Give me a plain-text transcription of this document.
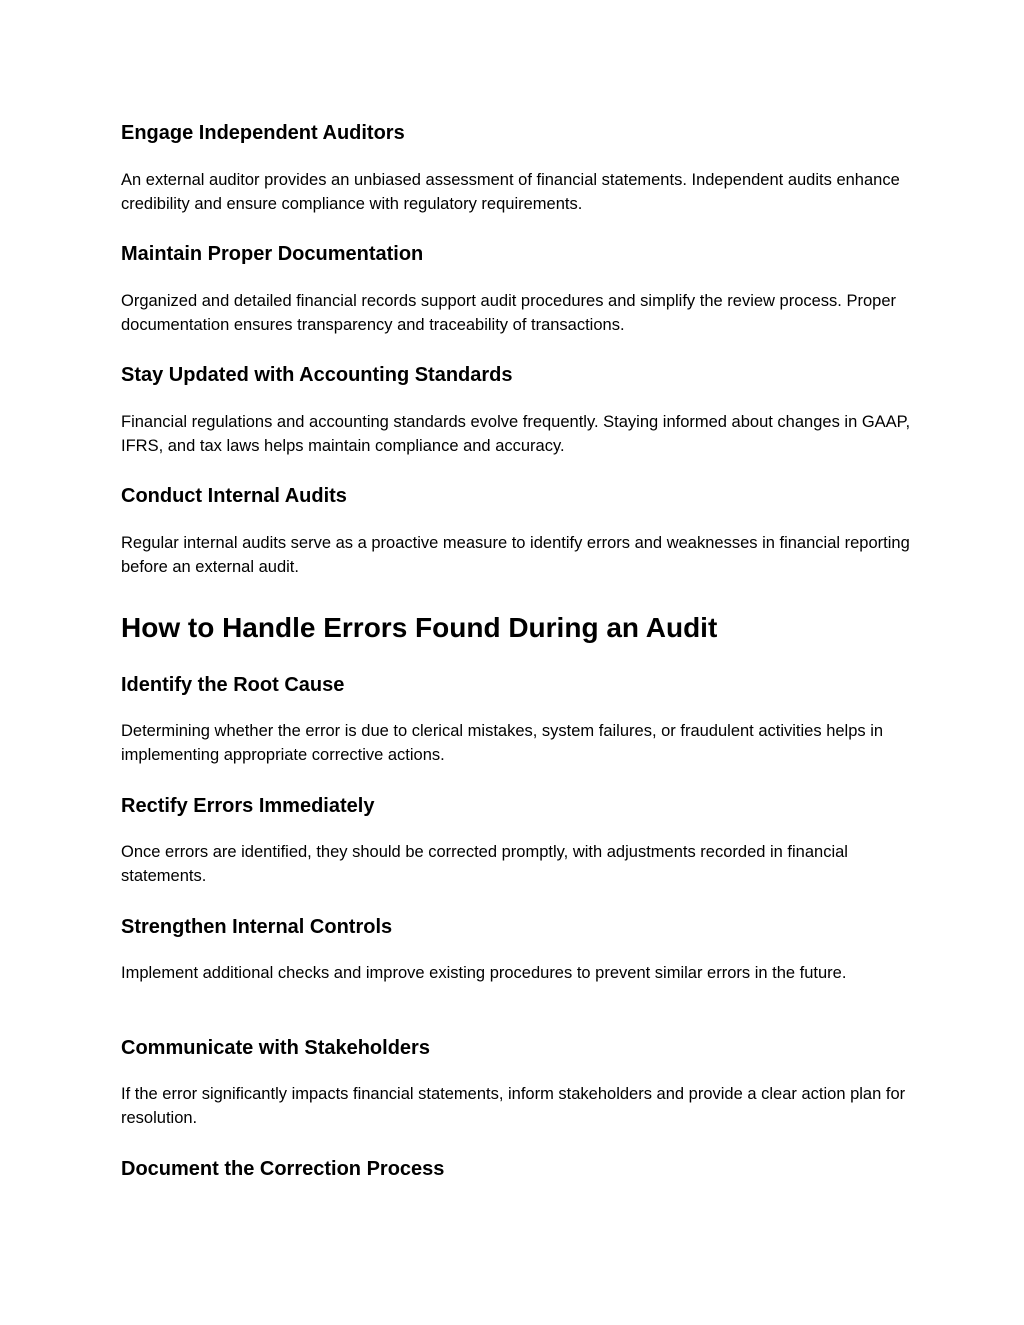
Engage Independent Auditors

An external auditor provides an unbiased assessment of financial statements. Independent audits enhance credibility and ensure compliance with regulatory requirements.

Maintain Proper Documentation

Organized and detailed financial records support audit procedures and simplify the review process. Proper documentation ensures transparency and traceability of transactions.

Stay Updated with Accounting Standards

Financial regulations and accounting standards evolve frequently. Staying informed about changes in GAAP, IFRS, and tax laws helps maintain compliance and accuracy.

Conduct Internal Audits

Regular internal audits serve as a proactive measure to identify errors and weaknesses in financial reporting before an external audit.

How to Handle Errors Found During an Audit
Identify the Root Cause

Determining whether the error is due to clerical mistakes, system failures, or fraudulent activities helps in implementing appropriate corrective actions.

Rectify Errors Immediately

Once errors are identified, they should be corrected promptly, with adjustments recorded in financial statements.

Strengthen Internal Controls

Implement additional checks and improve existing procedures to prevent similar errors in the future.

Communicate with Stakeholders

If the error significantly impacts financial statements, inform stakeholders and provide a clear action plan for resolution.

Document the Correction Process
